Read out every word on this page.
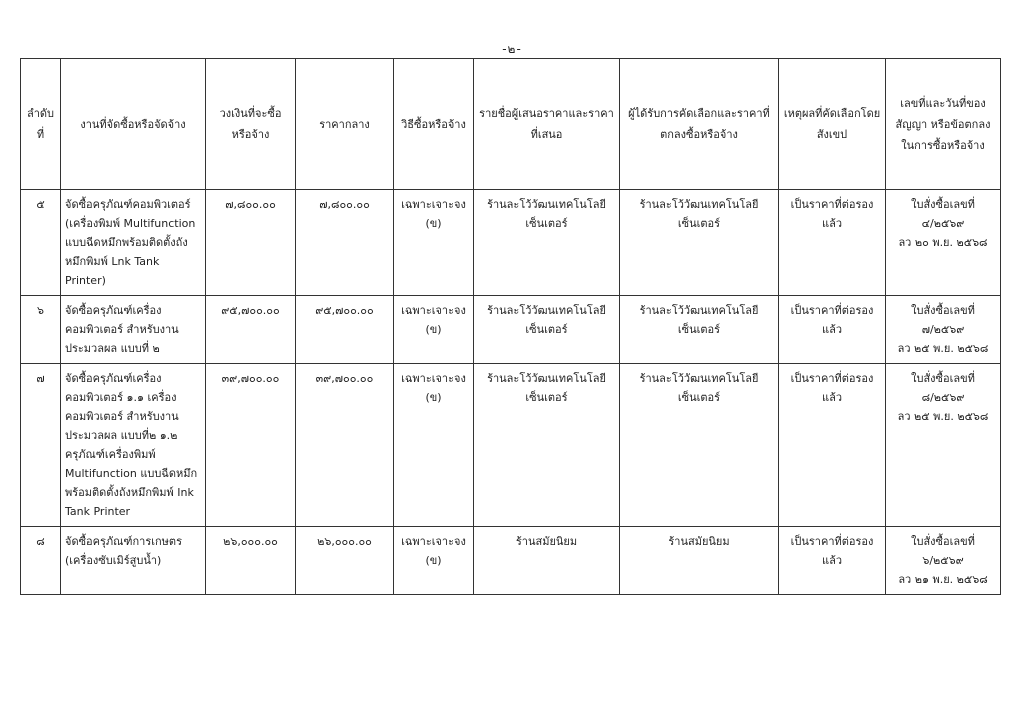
-๒-
ลำดับที่	งานที่จัดซื้อหรือจัดจ้าง	วงเงินที่จะซื้อหรือจ้าง	ราคากลาง	วิธีซื้อหรือจ้าง	รายชื่อผู้เสนอราคาและราคาที่เสนอ	ผู้ได้รับการคัดเลือกและราคาที่ตกลงซื้อหรือจ้าง	เหตุผลที่คัดเลือกโดยสังเขป	เลขที่และวันที่ของสัญญา หรือข้อตกลงในการซื้อหรือจ้าง
๕	จัดซื้อครุภัณฑ์คอมพิวเตอร์ (เครื่องพิมพ์ Multifunction แบบฉีดหมึกพร้อมติดตั้งถังหมึกพิมพ์ Lnk Tank Printer)	๗,๘๐๐.๐๐	๗,๘๐๐.๐๐	เฉพาะเจาะจง (ข)	ร้านละโว้วัฒนเทคโนโลยีเซ็นเตอร์	ร้านละโว้วัฒนเทคโนโลยีเซ็นเตอร์	เป็นราคาที่ต่อรองแล้ว	ใบสั่งซื้อเลขที่ ๔/๒๕๖๙
ลว ๒๐ พ.ย. ๒๕๖๘

๖	จัดซื้อครุภัณฑ์เครื่องคอมพิวเตอร์ สำหรับงานประมวลผล แบบที่ ๒	๙๕,๗๐๐.๐๐	๙๕,๗๐๐.๐๐	เฉพาะเจาะจง (ข)	ร้านละโว้วัฒนเทคโนโลยีเซ็นเตอร์	ร้านละโว้วัฒนเทคโนโลยีเซ็นเตอร์	เป็นราคาที่ต่อรองแล้ว	ใบสั่งซื้อเลขที่ ๗/๒๕๖๙
ลว ๒๕ พ.ย. ๒๕๖๘

๗	จัดซื้อครุภัณฑ์เครื่องคอมพิวเตอร์ ๑.๑ เครื่องคอมพิวเตอร์ สำหรับงานประมวลผล แบบที่๒ ๑.๒ ครุภัณฑ์เครื่องพิมพ์ Multifunction แบบฉีดหมึกพร้อมติดตั้งถังหมึกพิมพ์ Ink Tank Printer	๓๙,๗๐๐.๐๐	๓๙,๗๐๐.๐๐	เฉพาะเจาะจง (ข)	ร้านละโว้วัฒนเทคโนโลยีเซ็นเตอร์	ร้านละโว้วัฒนเทคโนโลยีเซ็นเตอร์	เป็นราคาที่ต่อรองแล้ว	ใบสั่งซื้อเลขที่ ๘/๒๕๖๙
ลว ๒๕ พ.ย. ๒๕๖๘

๘	จัดซื้อครุภัณฑ์การเกษตร (เครื่องซับเมิร์สูบน้ำ)	๒๖,๐๐๐.๐๐	๒๖,๐๐๐.๐๐	เฉพาะเจาะจง (ข)	ร้านสมัยนิยม	ร้านสมัยนิยม	เป็นราคาที่ต่อรองแล้ว	ใบสั่งซื้อเลขที่ ๖/๒๕๖๙
ลว ๒๑ พ.ย. ๒๕๖๘
